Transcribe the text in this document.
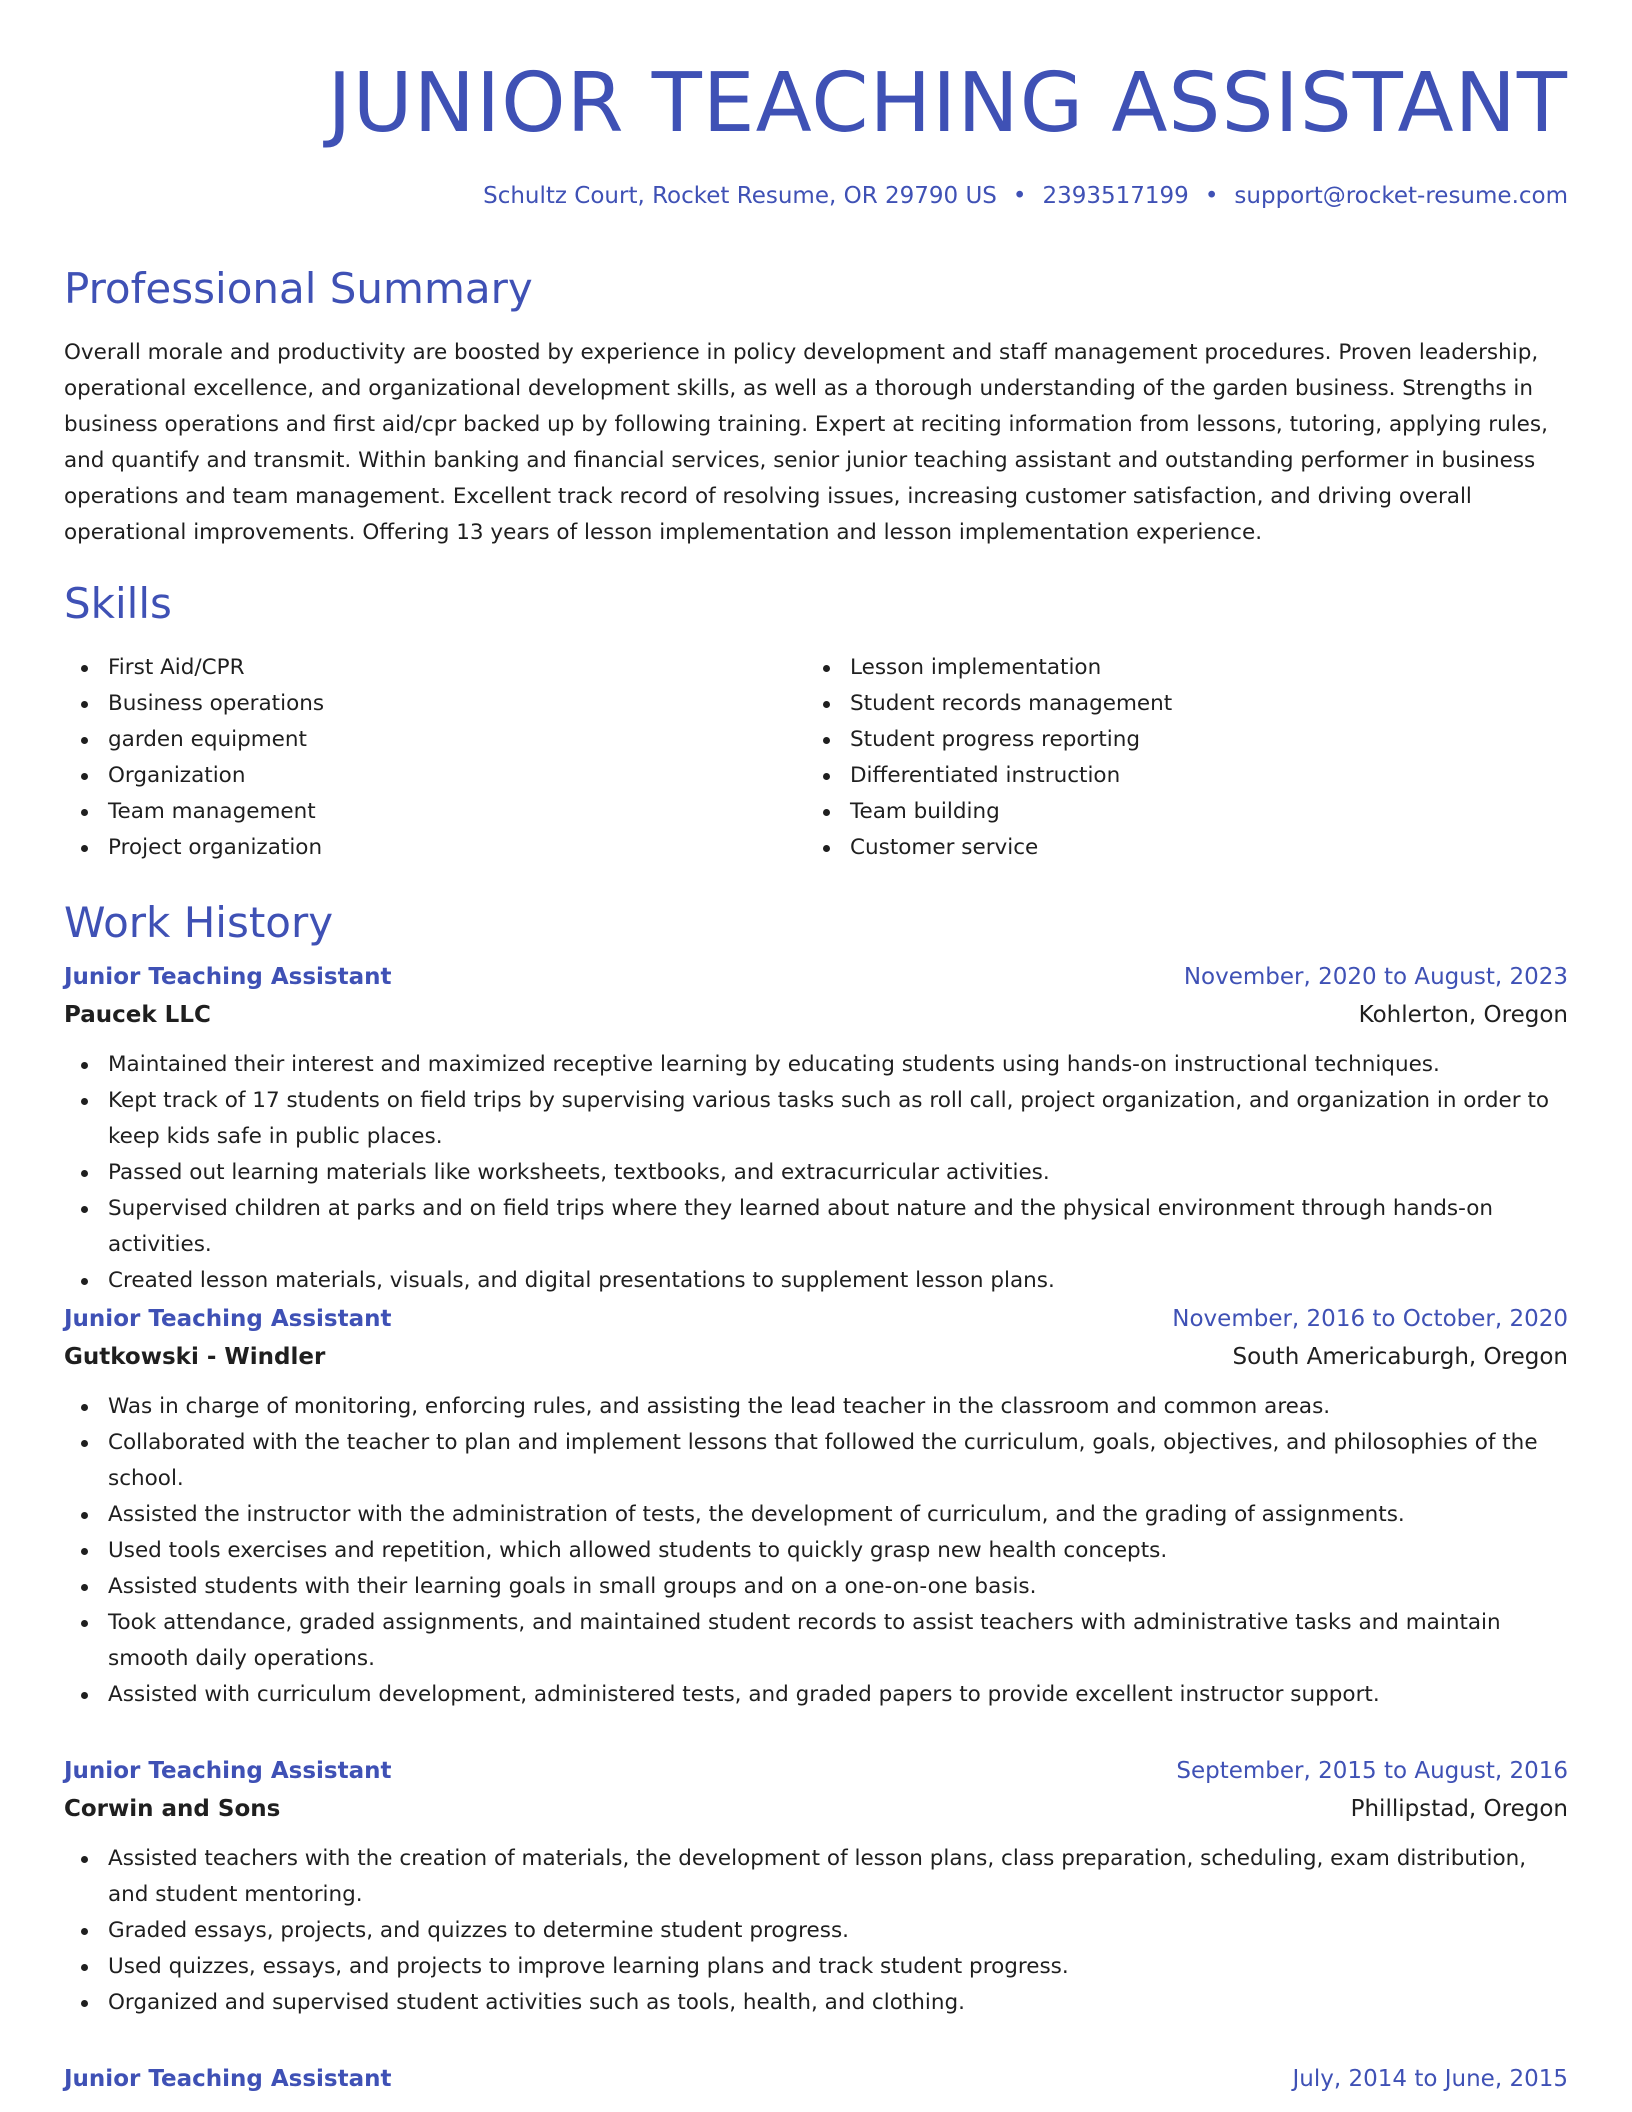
JUNIOR TEACHING ASSISTANT
Schultz Court, Rocket Resume, OR 29790 US • 2393517199 • support@rocket-resume.com
Professional Summary

Overall morale and productivity are boosted by experience in policy development and staff management procedures. Proven leadership, operational excellence, and organizational development skills, as well as a thorough understanding of the garden business. Strengths in business operations and first aid/cpr backed up by following training. Expert at reciting information from lessons, tutoring, applying rules, and quantify and transmit. Within banking and financial services, senior junior teaching assistant and outstanding performer in business operations and team management. Excellent track record of resolving issues, increasing customer satisfaction, and driving overall operational improvements. Offering 13 years of lesson implementation and lesson implementation experience.

Skills
First Aid/CPR
Business operations
garden equipment
Organization
Team management
Project organization
Lesson implementation
Student records management
Student progress reporting
Differentiated instruction
Team building
Customer service
Work History
Junior Teaching Assistant	November, 2020 to August, 2023
Paucek LLC	Kohlerton, Oregon
Maintained their interest and maximized receptive learning by educating students using hands-on instructional techniques.
Kept track of 17 students on field trips by supervising various tasks such as roll call, project organization, and organization in order to keep kids safe in public places.
Passed out learning materials like worksheets, textbooks, and extracurricular activities.
Supervised children at parks and on field trips where they learned about nature and the physical environment through hands-on activities.
Created lesson materials, visuals, and digital presentations to supplement lesson plans.
Junior Teaching Assistant	November, 2016 to October, 2020
Gutkowski - Windler	South Americaburgh, Oregon
Was in charge of monitoring, enforcing rules, and assisting the lead teacher in the classroom and common areas.
Collaborated with the teacher to plan and implement lessons that followed the curriculum, goals, objectives, and philosophies of the school.
Assisted the instructor with the administration of tests, the development of curriculum, and the grading of assignments.
Used tools exercises and repetition, which allowed students to quickly grasp new health concepts.
Assisted students with their learning goals in small groups and on a one-on-one basis.
Took attendance, graded assignments, and maintained student records to assist teachers with administrative tasks and maintain smooth daily operations.
Assisted with curriculum development, administered tests, and graded papers to provide excellent instructor support.
Junior Teaching Assistant	September, 2015 to August, 2016
Corwin and Sons	Phillipstad, Oregon
Assisted teachers with the creation of materials, the development of lesson plans, class preparation, scheduling, exam distribution, and student mentoring.
Graded essays, projects, and quizzes to determine student progress.
Used quizzes, essays, and projects to improve learning plans and track student progress.
Organized and supervised student activities such as tools, health, and clothing.
Junior Teaching Assistant	July, 2014 to June, 2015
